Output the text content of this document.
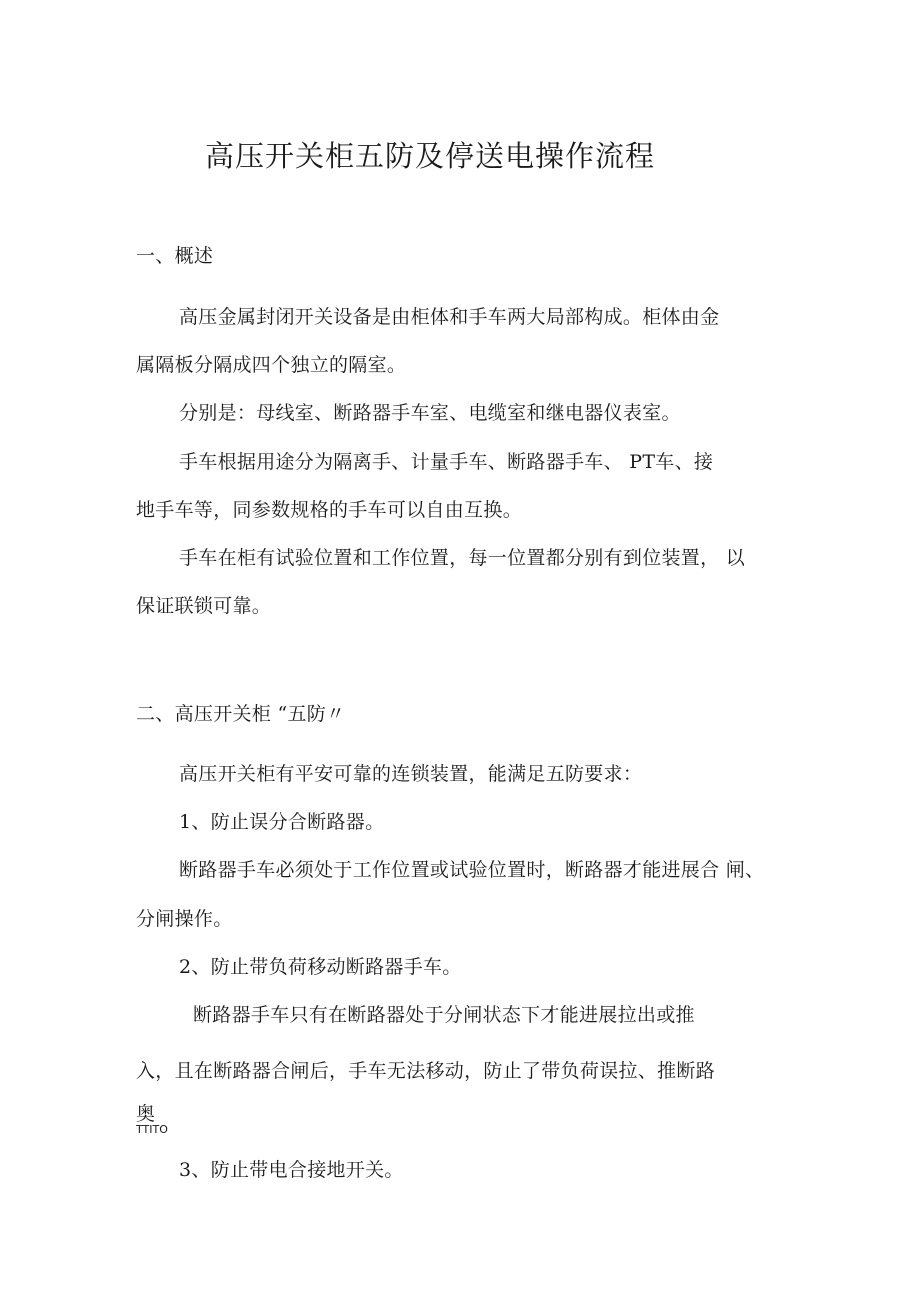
高压开关柜五防及停送电操作流程
一、概述
高压金属封闭开关设备是由柜体和手车两大局部构成。柜体由金
属隔板分隔成四个独立的隔室。
分别是：母线室、断路器手车室、电缆室和继电器仪表室。
手车根据用途分为隔离手、计量手车、断路器手车、 PT车、接
地手车等，同参数规格的手车可以自由互换。
手车在柜有试验位置和工作位置，每一位置都分别有到位装置， 以
保证联锁可靠。
二、高压开关柜 “五防〃
高压开关柜有平安可靠的连锁装置，能满足五防要求：
1、防止误分合断路器。
断路器手车必须处于工作位置或试验位置时，断路器才能进展合 闸、
分闸操作。
2、防止带负荷移动断路器手车。
断路器手车只有在断路器处于分闸状态下才能进展拉出或推
入，且在断路器合闸后，手车无法移动，防止了带负荷误拉、推断路
奥
TTITO
3、防止带电合接地开关。
